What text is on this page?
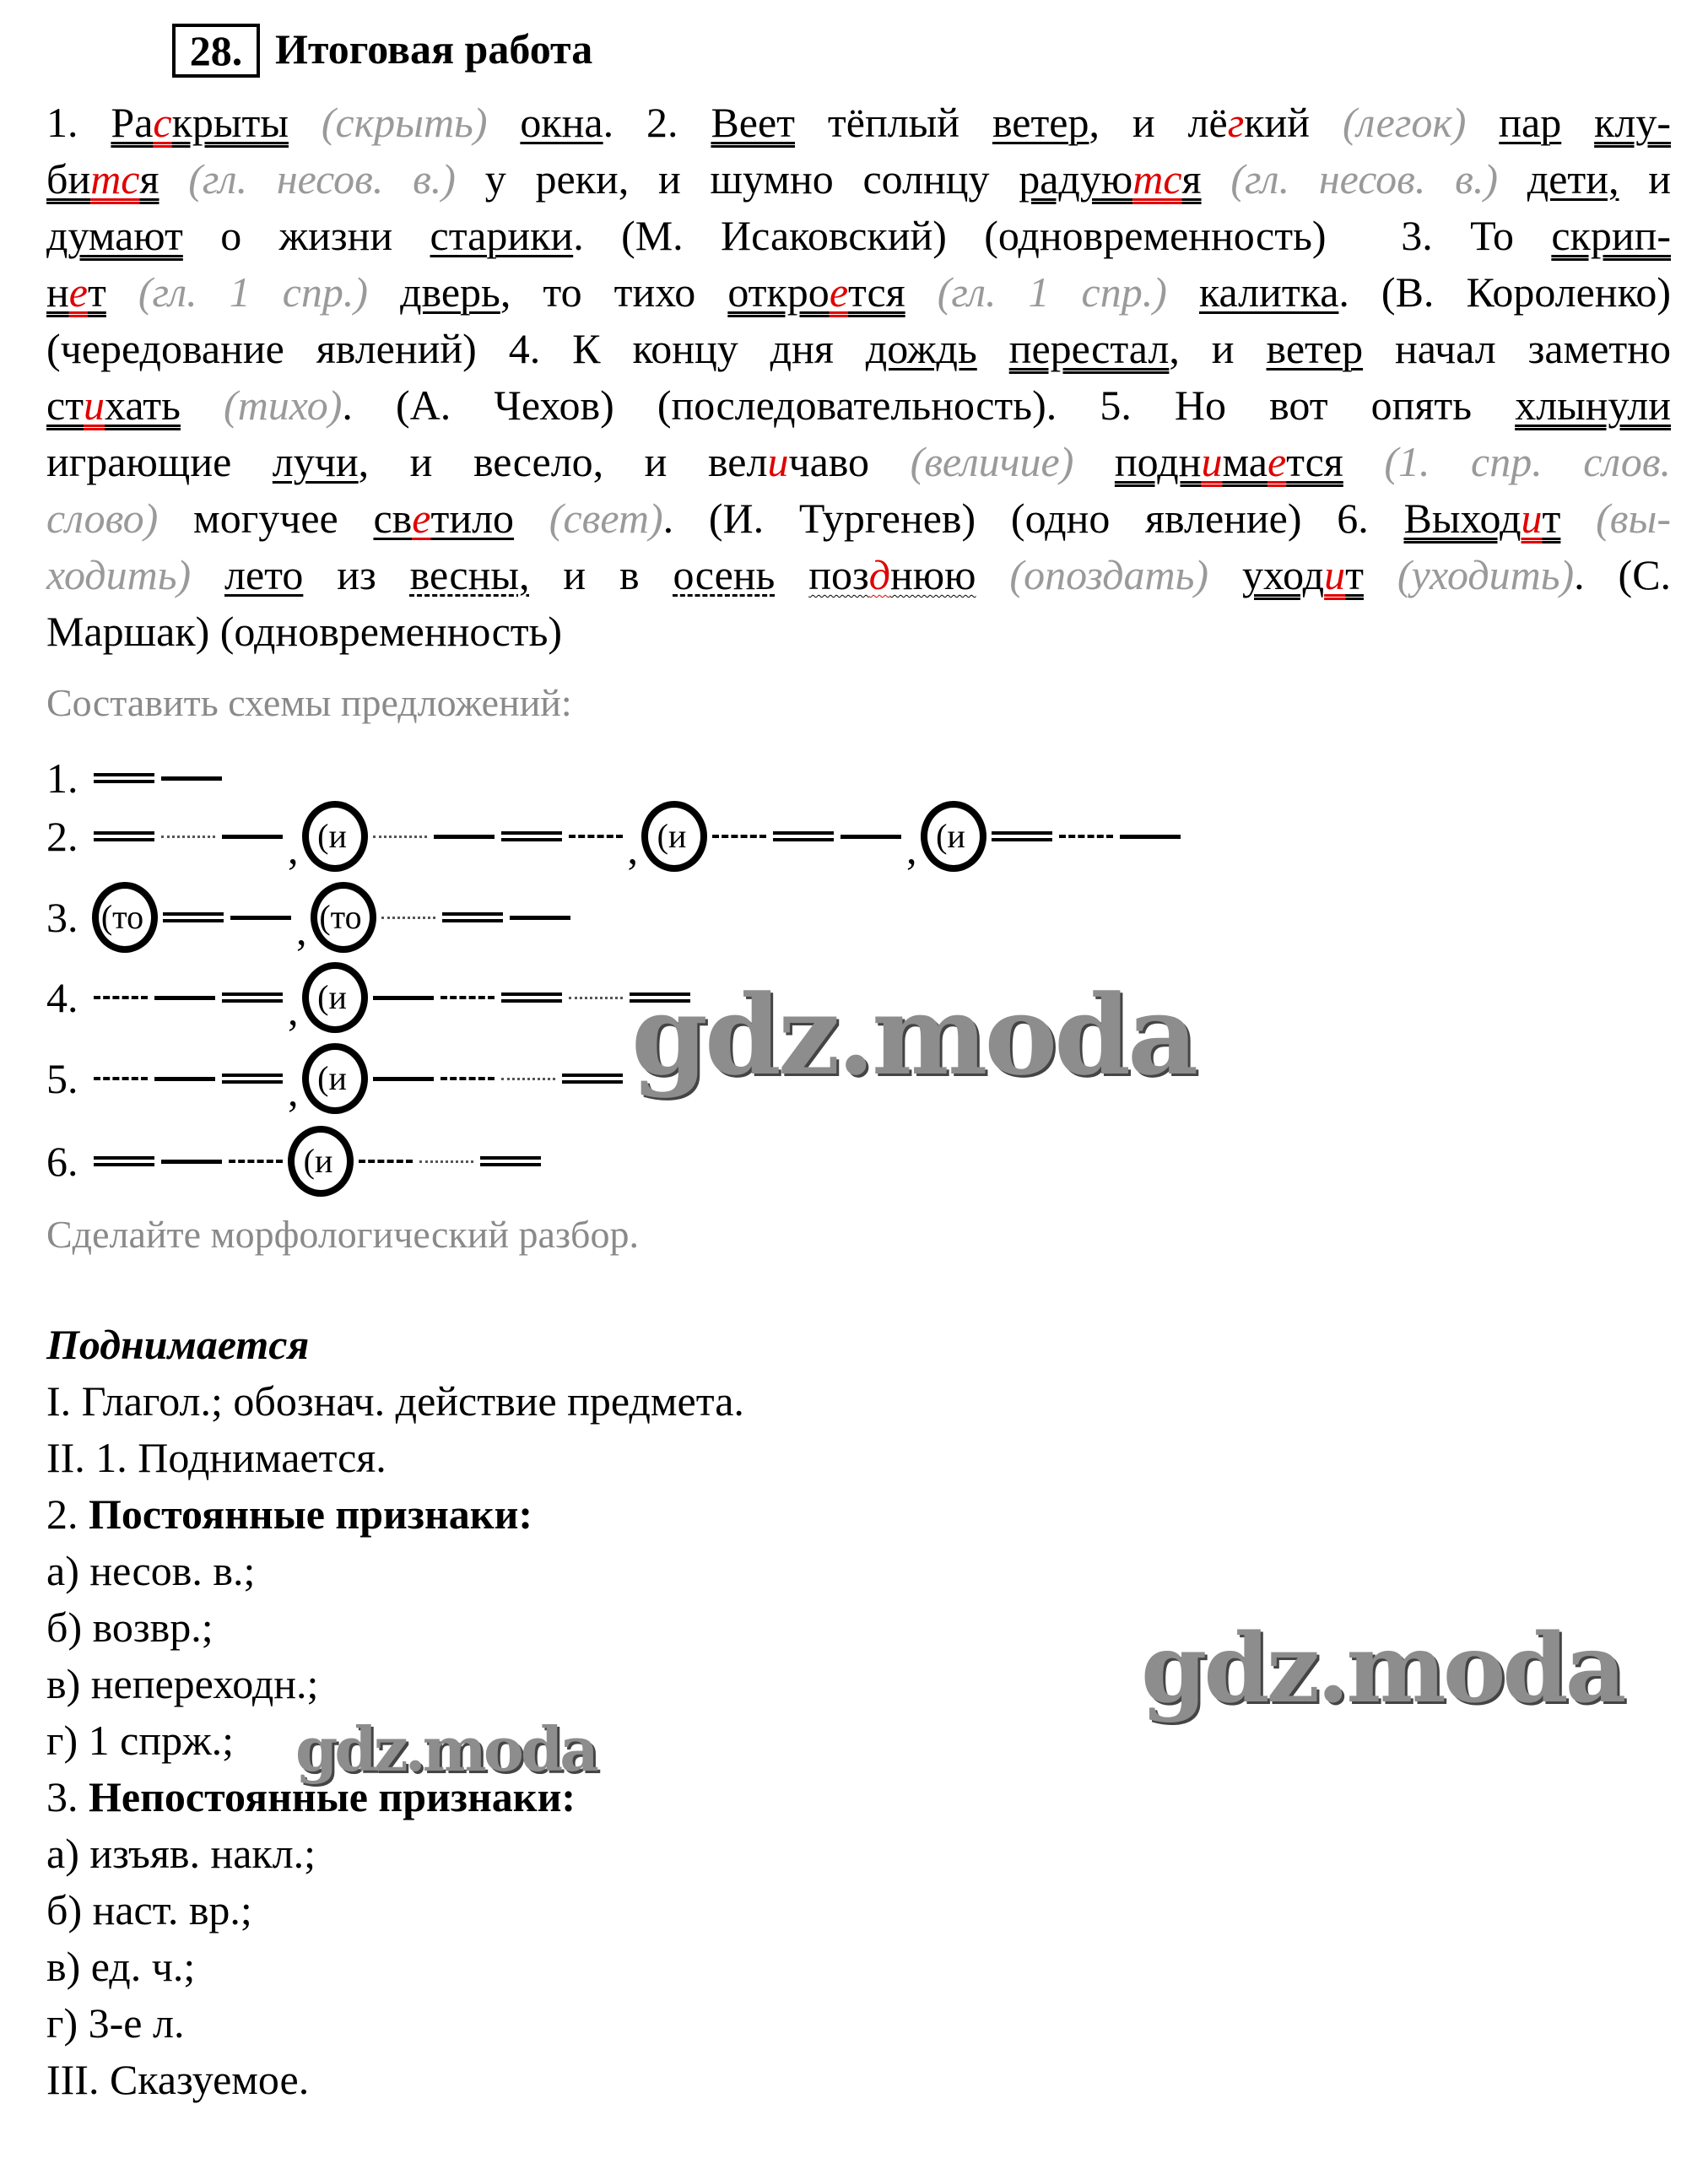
28. Итоговая работа
1. Раскрыты (скрыть) окна. 2. Веет тёплый ветер, и лёгкий (легок) пар клу-
бится (гл. несов. в.) у реки, и шумно солнцу радуются (гл. несов. в.) дети, и
думают о жизни старики. (М. Исаковский) (одновременность)  3. То скрип-
нет (гл. 1 спр.) дверь, то тихо откроется (гл. 1 спр.) калитка. (В. Короленко)
(чередование явлений) 4. К концу дня дождь перестал, и ветер начал заметно
стихать (тихо). (А. Чехов) (последовательность). 5. Но вот опять хлынули
играющие лучи, и весело, и величаво (величие) поднимается (1. спр. слов.
слово) могучее светило (свет). (И. Тургенев) (одно явление) 6. Выходит (вы-
ходить) лето из весны, и в осень позднюю (опоздать) уходит (уходить). (С.
Маршак) (одновременность)
Составить схемы предложений:
1.
2.	, (и	, (и	, (и
3. (то	, (то
4.	, (и
5.	, (и
6.	(и
Сделайте морфологический разбор.
Поднимается
I. Глагол.; обознач. действие предмета.
II. 1. Поднимается.
2. Постоянные признаки:
а) несов. в.;
б) возвр.;
в) непереходн.;
г) 1 спрж.;
3. Непостоянные признаки:
а) изъяв. накл.;
б) наст. вр.;
в) ед. ч.;
г) 3-е л.
III. Сказуемое.
gdz.moda
gdz.moda
gdz.moda
